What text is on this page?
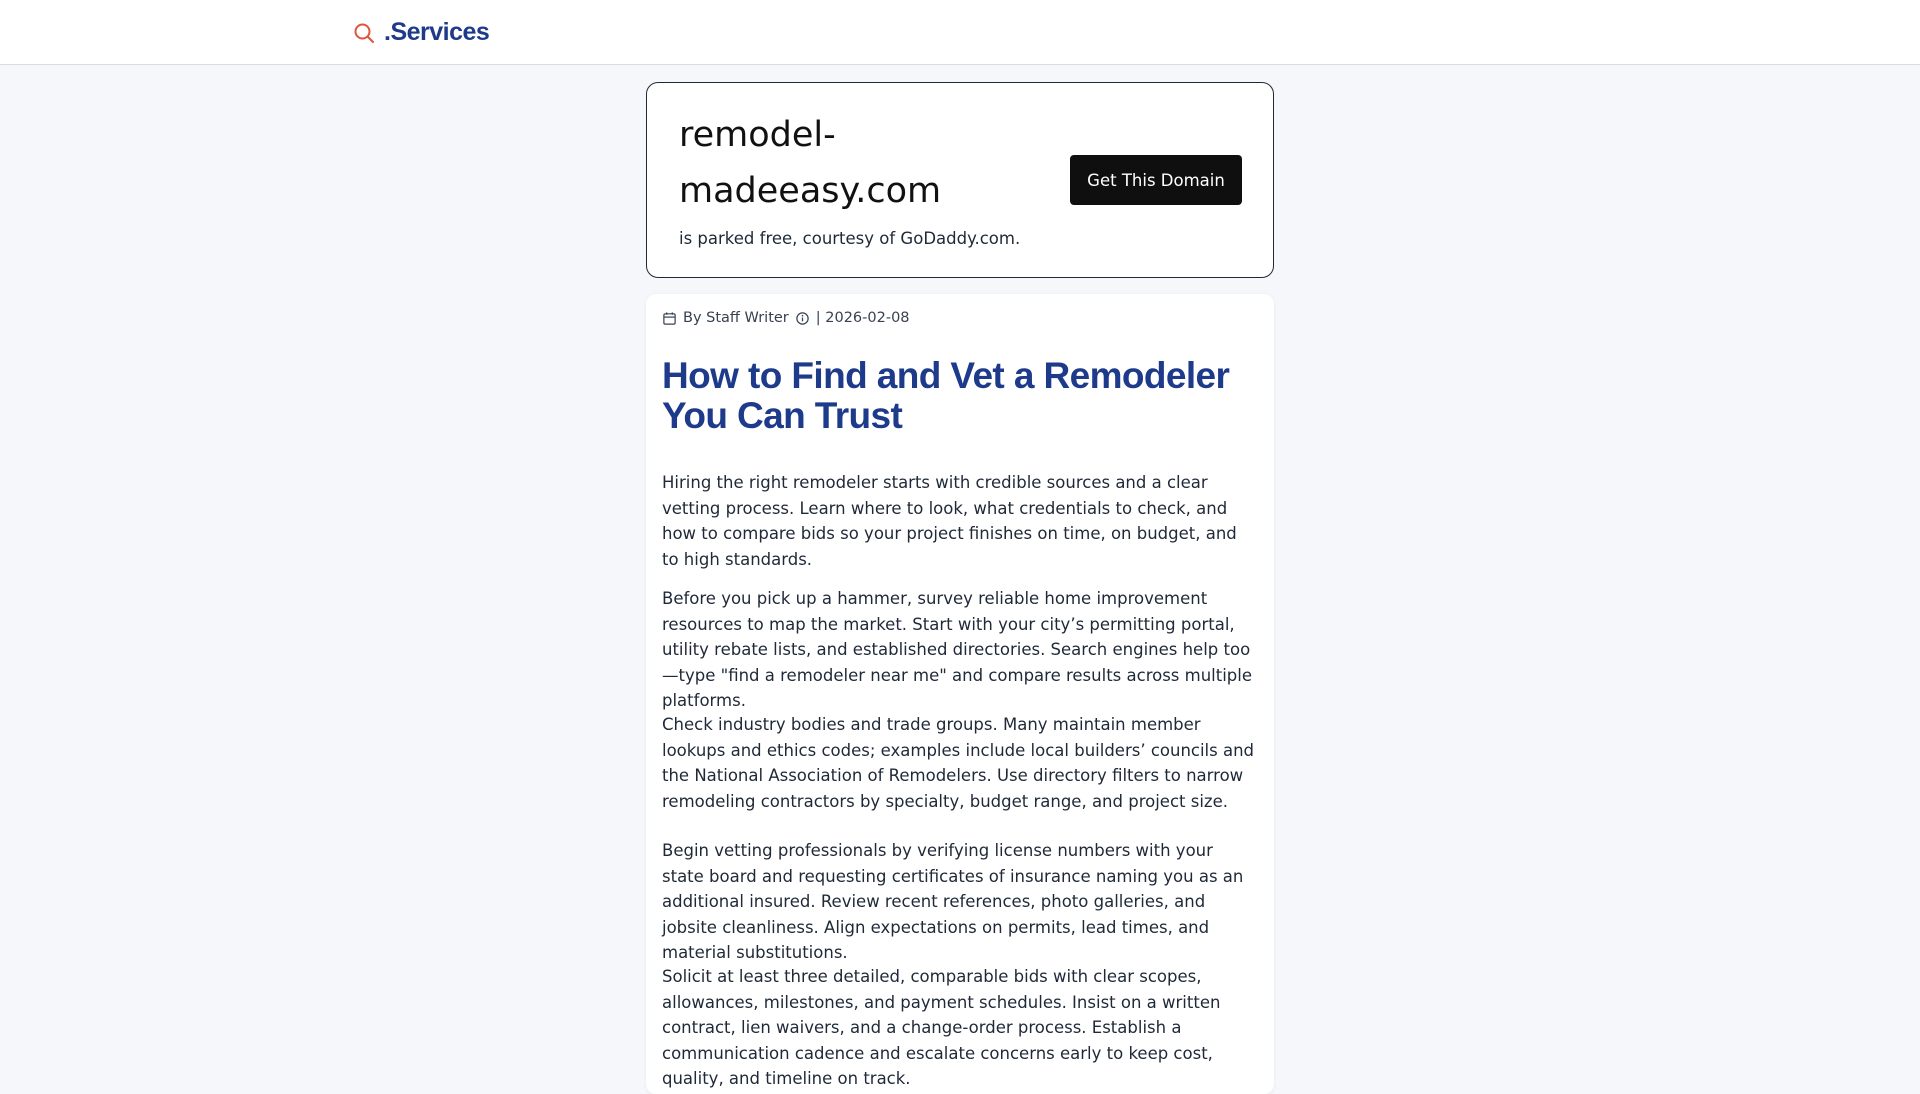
.Services
remodel-madeeasy.com
is parked free, courtesy of GoDaddy.com.
Get This Domain
By Staff Writer | 2026-02-08
How to Find and Vet a Remodeler You Can Trust

Hiring the right remodeler starts with credible sources and a clear vetting process. Learn where to look, what credentials to check, and how to compare bids so your project finishes on time, on budget, and to high standards.

Before you pick up a hammer, survey reliable home improvement resources to map the market. Start with your city’s permitting portal, utility rebate lists, and established directories. Search engines help too—type "find a remodeler near me" and compare results across multiple platforms.

Check industry bodies and trade groups. Many maintain member lookups and ethics codes; examples include local builders’ councils and the National Association of Remodelers. Use directory filters to narrow remodeling contractors by specialty, budget range, and project size.

Begin vetting professionals by verifying license numbers with your state board and requesting certificates of insurance naming you as an additional insured. Review recent references, photo galleries, and jobsite cleanliness. Align expectations on permits, lead times, and material substitutions.

Solicit at least three detailed, comparable bids with clear scopes, allowances, milestones, and payment schedules. Insist on a written contract, lien waivers, and a change-order process. Establish a communication cadence and escalate concerns early to keep cost, quality, and timeline on track.
